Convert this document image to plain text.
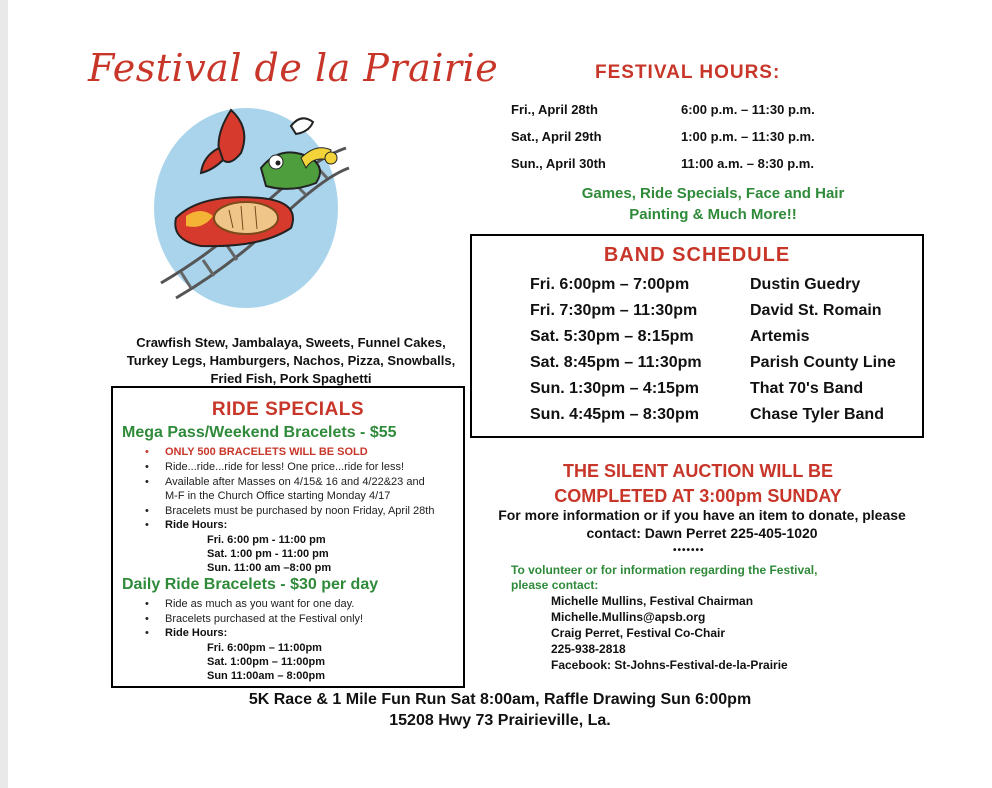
Festival de la Prairie	FESTIVAL HOURS:
Fri., April 28th	6:00 p.m. – 11:30 p.m.
Sat., April 29th	1:00 p.m. – 11:30 p.m.
Sun., April 30th	11:00 a.m. – 8:30 p.m.
Games, Ride Specials, Face and Hair Painting & Much More!!
BAND SCHEDULE
Fri. 6:00pm – 7:00pm	Dustin Guedry
Fri. 7:30pm – 11:30pm	David St. Romain
Sat. 5:30pm – 8:15pm	Artemis
Sat. 8:45pm – 11:30pm	Parish County Line
Sun. 1:30pm – 4:15pm	That 70's Band
Sun. 4:45pm – 8:30pm	Chase Tyler Band
Crawfish Stew, Jambalaya, Sweets, Funnel Cakes, Turkey Legs, Hamburgers, Nachos, Pizza, Snowballs, Fried Fish, Pork Spaghetti
RIDE SPECIALS
Mega Pass/Weekend Bracelets - $55
• ONLY 500 BRACELETS WILL BE SOLD
• Ride...ride...ride for less! One price...ride for less!
• Available after Masses on 4/15& 16 and 4/22&23 and
M-F in the Church Office starting Monday 4/17
• Bracelets must be purchased by noon Friday, April 28th
• Ride Hours:
Fri. 6:00 pm - 11:00 pm
Sat. 1:00 pm - 11:00 pm
Sun. 11:00 am –8:00 pm
Daily Ride Bracelets - $30 per day
• Ride as much as you want for one day.
• Bracelets purchased at the Festival only!
• Ride Hours:
Fri. 6:00pm – 11:00pm
Sat. 1:00pm – 11:00pm
Sun 11:00am – 8:00pm
THE SILENT AUCTION WILL BE
COMPLETED AT 3:00pm SUNDAY
For more information or if you have an item to donate, please contact: Dawn Perret 225-405-1020
•••••••
To volunteer or for information regarding the Festival,
please contact:
Michelle Mullins, Festival Chairman
Michelle.Mullins@apsb.org
Craig Perret, Festival Co-Chair
225-938-2818
Facebook: St-Johns-Festival-de-la-Prairie
5K Race & 1 Mile Fun Run Sat 8:00am, Raffle Drawing Sun 6:00pm
15208 Hwy 73 Prairieville, La.
